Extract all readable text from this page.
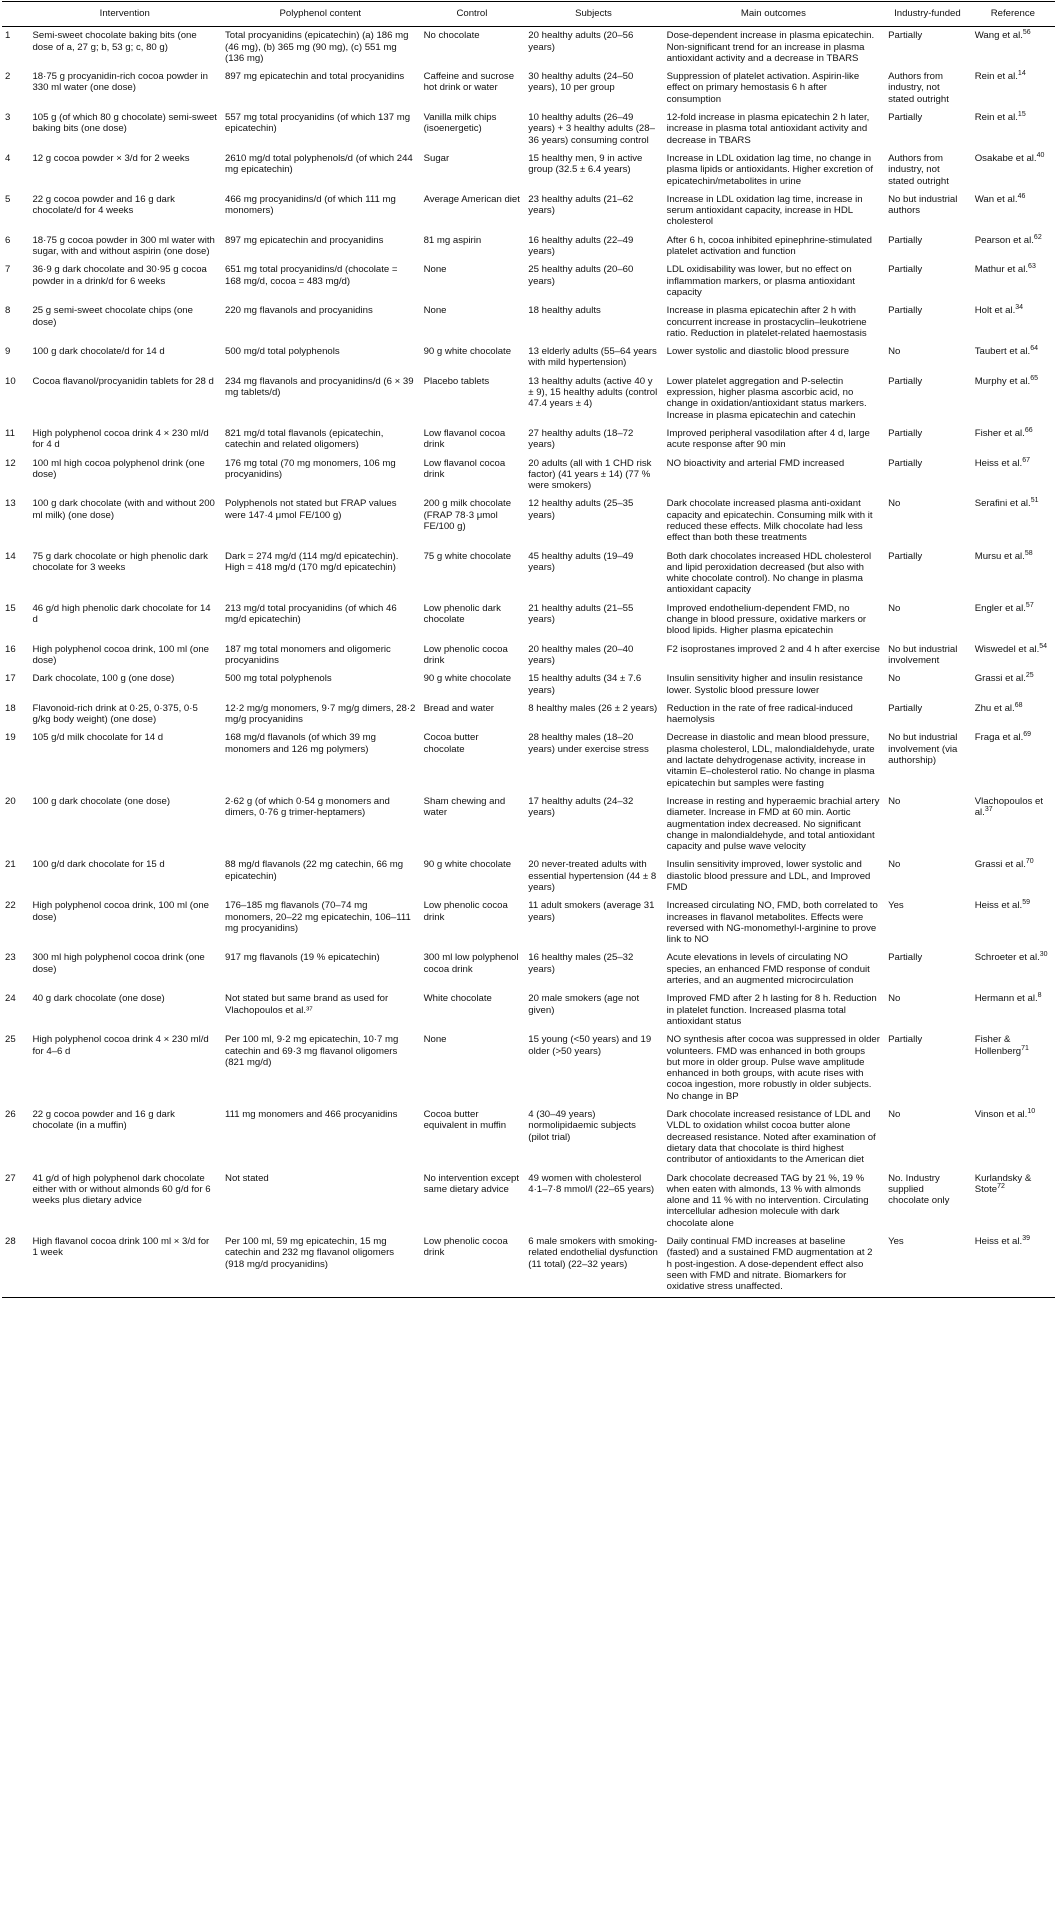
	Intervention	Polyphenol content	Control	Subjects	Main outcomes	Industry-funded	Reference
1	Semi-sweet chocolate baking bits (one dose of a, 27 g; b, 53 g; c, 80 g)	Total procyanidins (epicatechin) (a) 186 mg (46 mg), (b) 365 mg (90 mg), (c) 551 mg (136 mg)	No chocolate	20 healthy adults (20–56 years)	Dose-dependent increase in plasma epicatechin. Non-significant trend for an increase in plasma antioxidant activity and a decrease in TBARS	Partially	Wang et al.$^{56}$
2	18·75 g procyanidin-rich cocoa powder in 330 ml water (one dose)	897 mg epicatechin and total procyanidins	Caffeine and sucrose hot drink or water	30 healthy adults (24–50 years), 10 per group	Suppression of platelet activation. Aspirin-like effect on primary hemostasis 6 h after consumption	Authors from industry, not stated outright	Rein et al.$^{14}$
3	105 g (of which 80 g chocolate) semi-sweet baking bits (one dose)	557 mg total procyanidins (of which 137 mg epicatechin)	Vanilla milk chips (isoenergetic)	10 healthy adults (26–49 years) + 3 healthy adults (28–36 years) consuming control	12-fold increase in plasma epicatechin 2 h later, increase in plasma total antioxidant activity and decrease in TBARS	Partially	Rein et al.$^{15}$
4	12 g cocoa powder × 3/d for 2 weeks	2610 mg/d total polyphenols/d (of which 244 mg epicatechin)	Sugar	15 healthy men, 9 in active group (32.5 ± 6.4 years)	Increase in LDL oxidation lag time, no change in plasma lipids or antioxidants. Higher excretion of epicatechin/metabolites in urine	Authors from industry, not stated outright	Osakabe et al.$^{40}$
5	22 g cocoa powder and 16 g dark chocolate/d for 4 weeks	466 mg procyanidins/d (of which 111 mg monomers)	Average American diet	23 healthy adults (21–62 years)	Increase in LDL oxidation lag time, increase in serum antioxidant capacity, increase in HDL cholesterol	No but industrial authors	Wan et al.$^{46}$
6	18·75 g cocoa powder in 300 ml water with sugar, with and without aspirin (one dose)	897 mg epicatechin and procyanidins	81 mg aspirin	16 healthy adults (22–49 years)	After 6 h, cocoa inhibited epinephrine-stimulated platelet activation and function	Partially	Pearson et al.$^{62}$
7	36·9 g dark chocolate and 30·95 g cocoa powder in a drink/d for 6 weeks	651 mg total procyanidins/d (chocolate = 168 mg/d, cocoa = 483 mg/d)	None	25 healthy adults (20–60 years)	LDL oxidisability was lower, but no effect on inflammation markers, or plasma antioxidant capacity	Partially	Mathur et al.$^{63}$
8	25 g semi-sweet chocolate chips (one dose)	220 mg flavanols and procyanidins	None	18 healthy adults	Increase in plasma epicatechin after 2 h with concurrent increase in prostacyclin–leukotriene ratio. Reduction in platelet-related haemostasis	Partially	Holt et al.$^{34}$
9	100 g dark chocolate/d for 14 d	500 mg/d total polyphenols	90 g white chocolate	13 elderly adults (55–64 years with mild hypertension)	Lower systolic and diastolic blood pressure	No	Taubert et al.$^{64}$
10	Cocoa flavanol/procyanidin tablets for 28 d	234 mg flavanols and procyanidins/d (6 × 39 mg tablets/d)	Placebo tablets	13 healthy adults (active 40 y ± 9), 15 healthy adults (control 47.4 years ± 4)	Lower platelet aggregation and P-selectin expression, higher plasma ascorbic acid, no change in oxidation/antioxidant status markers. Increase in plasma epicatechin and catechin	Partially	Murphy et al.$^{65}$
11	High polyphenol cocoa drink 4 × 230 ml/d for 4 d	821 mg/d total flavanols (epicatechin, catechin and related oligomers)	Low flavanol cocoa drink	27 healthy adults (18–72 years)	Improved peripheral vasodilation after 4 d, large acute response after 90 min	Partially	Fisher et al.$^{66}$
12	100 ml high cocoa polyphenol drink (one dose)	176 mg total (70 mg monomers, 106 mg procyanidins)	Low flavanol cocoa drink	20 adults (all with 1 CHD risk factor) (41 years ± 14) (77 % were smokers)	NO bioactivity and arterial FMD increased	Partially	Heiss et al.$^{67}$
13	100 g dark chocolate (with and without 200 ml milk) (one dose)	Polyphenols not stated but FRAP values were 147·4 μmol FE/100 g)	200 g milk chocolate (FRAP 78·3 μmol FE/100 g)	12 healthy adults (25–35 years)	Dark chocolate increased plasma anti-oxidant capacity and epicatechin. Consuming milk with it reduced these effects. Milk chocolate had less effect than both these treatments	No	Serafini et al.$^{51}$
14	75 g dark chocolate or high phenolic dark chocolate for 3 weeks	Dark = 274 mg/d (114 mg/d epicatechin). High = 418 mg/d (170 mg/d epicatechin)	75 g white chocolate	45 healthy adults (19–49 years)	Both dark chocolates increased HDL cholesterol and lipid peroxidation decreased (but also with white chocolate control). No change in plasma antioxidant capacity	Partially	Mursu et al.$^{58}$
15	46 g/d high phenolic dark chocolate for 14 d	213 mg/d total procyanidins (of which 46 mg/d epicatechin)	Low phenolic dark chocolate	21 healthy adults (21–55 years)	Improved endothelium-dependent FMD, no change in blood pressure, oxidative markers or blood lipids. Higher plasma epicatechin	No	Engler et al.$^{57}$
16	High polyphenol cocoa drink, 100 ml (one dose)	187 mg total monomers and oligomeric procyanidins	Low phenolic cocoa drink	20 healthy males (20–40 years)	F2 isoprostanes improved 2 and 4 h after exercise	No but industrial involvement	Wiswedel et al.$^{54}$
17	Dark chocolate, 100 g (one dose)	500 mg total polyphenols	90 g white chocolate	15 healthy adults (34 ± 7.6 years)	Insulin sensitivity higher and insulin resistance lower. Systolic blood pressure lower	No	Grassi et al.$^{25}$
18	Flavonoid-rich drink at 0·25, 0·375, 0·5 g/kg body weight) (one dose)	12·2 mg/g monomers, 9·7 mg/g dimers, 28·2 mg/g procyanidins	Bread and water	8 healthy males (26 ± 2 years)	Reduction in the rate of free radical-induced haemolysis	Partially	Zhu et al.$^{68}$
19	105 g/d milk chocolate for 14 d	168 mg/d flavanols (of which 39 mg monomers and 126 mg polymers)	Cocoa butter chocolate	28 healthy males (18–20 years) under exercise stress	Decrease in diastolic and mean blood pressure, plasma cholesterol, LDL, malondialdehyde, urate and lactate dehydrogenase activity, increase in vitamin E–cholesterol ratio. No change in plasma epicatechin but samples were fasting	No but industrial involvement (via authorship)	Fraga et al.$^{69}$
20	100 g dark chocolate (one dose)	2·62 g (of which 0·54 g monomers and dimers, 0·76 g trimer-heptamers)	Sham chewing and water	17 healthy adults (24–32 years)	Increase in resting and hyperaemic brachial artery diameter. Increase in FMD at 60 min. Aortic augmentation index decreased. No significant change in malondialdehyde, and total antioxidant capacity and pulse wave velocity	No	Vlachopoulos et al.$^{37}$
21	100 g/d dark chocolate for 15 d	88 mg/d flavanols (22 mg catechin, 66 mg epicatechin)	90 g white chocolate	20 never-treated adults with essential hypertension (44 ± 8 years)	Insulin sensitivity improved, lower systolic and diastolic blood pressure and LDL, and Improved FMD	No	Grassi et al.$^{70}$
22	High polyphenol cocoa drink, 100 ml (one dose)	176–185 mg flavanols (70–74 mg monomers, 20–22 mg epicatechin, 106–111 mg procyanidins)	Low phenolic cocoa drink	11 adult smokers (average 31 years)	Increased circulating NO, FMD, both correlated to increases in flavanol metabolites. Effects were reversed with NG-monomethyl-l-arginine to prove link to NO	Yes	Heiss et al.$^{59}$
23	300 ml high polyphenol cocoa drink (one dose)	917 mg flavanols (19 % epicatechin)	300 ml low polyphenol cocoa drink	16 healthy males (25–32 years)	Acute elevations in levels of circulating NO species, an enhanced FMD response of conduit arteries, and an augmented microcirculation	Partially	Schroeter et al.$^{30}$
24	40 g dark chocolate (one dose)	Not stated but same brand as used for Vlachopoulos et al.³⁷	White chocolate	20 male smokers (age not given)	Improved FMD after 2 h lasting for 8 h. Reduction in platelet function. Increased plasma total antioxidant status	No	Hermann et al.$^8$
25	High polyphenol cocoa drink 4 × 230 ml/d for 4–6 d	Per 100 ml, 9·2 mg epicatechin, 10·7 mg catechin and 69·3 mg flavanol oligomers (821 mg/d)	None	15 young (<50 years) and 19 older (>50 years)	NO synthesis after cocoa was suppressed in older volunteers. FMD was enhanced in both groups but more in older group. Pulse wave amplitude enhanced in both groups, with acute rises with cocoa ingestion, more robustly in older subjects. No change in BP	Partially	Fisher & Hollenberg$^{71}$
26	22 g cocoa powder and 16 g dark chocolate (in a muffin)	111 mg monomers and 466 procyanidins	Cocoa butter equivalent in muffin	4 (30–49 years) normolipidaemic subjects (pilot trial)	Dark chocolate increased resistance of LDL and VLDL to oxidation whilst cocoa butter alone decreased resistance. Noted after examination of dietary data that chocolate is third highest contributor of antioxidants to the American diet	No	Vinson et al.$^{10}$
27	41 g/d of high polyphenol dark chocolate either with or without almonds 60 g/d for 6 weeks plus dietary advice	Not stated	No intervention except same dietary advice	49 women with cholesterol 4·1–7·8 mmol/l (22–65 years)	Dark chocolate decreased TAG by 21 %, 19 % when eaten with almonds, 13 % with almonds alone and 11 % with no intervention. Circulating intercellular adhesion molecule with dark chocolate alone	No. Industry supplied chocolate only	Kurlandsky & Stote$^{72}$
28	High flavanol cocoa drink 100 ml × 3/d for 1 week	Per 100 ml, 59 mg epicatechin, 15 mg catechin and 232 mg flavanol oligomers (918 mg/d procyanidins)	Low phenolic cocoa drink	6 male smokers with smoking-related endothelial dysfunction (11 total) (22–32 years)	Daily continual FMD increases at baseline (fasted) and a sustained FMD augmentation at 2 h post-ingestion. A dose-dependent effect also seen with FMD and nitrate. Biomarkers for oxidative stress unaffected.	Yes	Heiss et al.$^{39}$
